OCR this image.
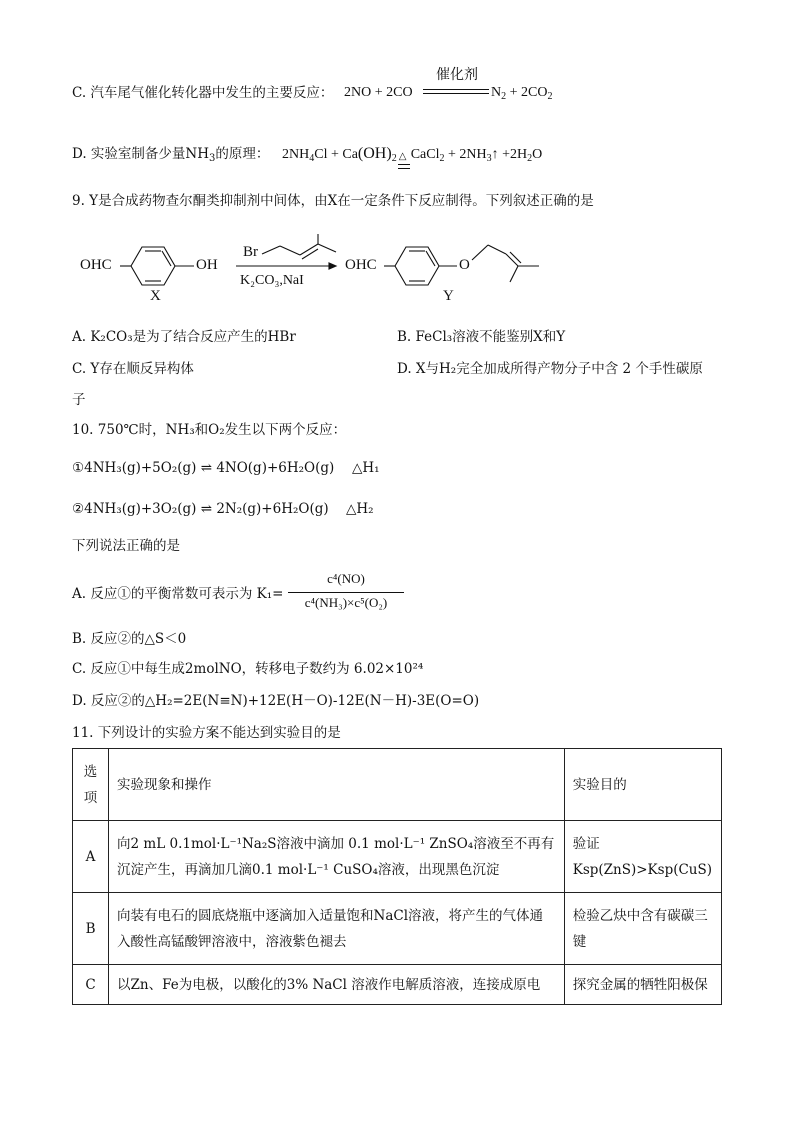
C. 汽车尾气催化转化器中发生的主要反应： 2NO + 2CO
催化剂
$N_2 + 2CO_2$
D. 实验室制备少量$NH_3$的原理： $2NH_4Cl + Ca(OH)_2$ △ CaCl$_2$ + $2NH_3↑ +2H_2O$
9. Y是合成药物查尔酮类抑制剂中间体，由X在一定条件下反应制得。下列叙述正确的是
OHC	OH
X
Br
K₂CO₃,NaI
OHC	O
Y
A. K₂CO₃是为了结合反应产生的HBr	B. FeCl₃溶液不能鉴别X和Y
C. Y存在顺反异构体	D. X与H₂完全加成所得产物分子中含 2 个手性碳原
子
10. 750℃时，NH₃和O₂发生以下两个反应：
①4NH₃(g)+5O₂(g) ⇌ 4NO(g)+6H₂O(g) △H₁
②4NH₃(g)+3O₂(g) ⇌ 2N₂(g)+6H₂O(g) △H₂
下列说法正确的是
A. 反应①的平衡常数可表示为 K₁=
c⁴(NO)
c⁴(NH₃)×c⁵(O₂)
B. 反应②的△S＜0
C. 反应①中每生成2molNO，转移电子数约为 6.02×10²⁴
D. 反应②的△H₂=2E(N≡N)+12E(H－O)-12E(N－H)-3E(O=O)
11. 下列设计的实验方案不能达到实验目的是
选项	实验现象和操作	实验目的
A	向2 mL 0.1mol·L⁻¹Na₂S溶液中滴加 0.1 mol·L⁻¹ ZnSO₄溶液至不再有沉淀产生，再滴加几滴0.1 mol·L⁻¹ CuSO₄溶液，出现黑色沉淀	验证 Ksp(ZnS)>Ksp(CuS)
B	向装有电石的圆底烧瓶中逐滴加入适量饱和NaCl溶液，将产生的气体通入酸性高锰酸钾溶液中，溶液紫色褪去	检验乙炔中含有碳碳三键
C	以Zn、Fe为电极，以酸化的3% NaCl 溶液作电解质溶液，连接成原电	探究金属的牺牲阳极保
